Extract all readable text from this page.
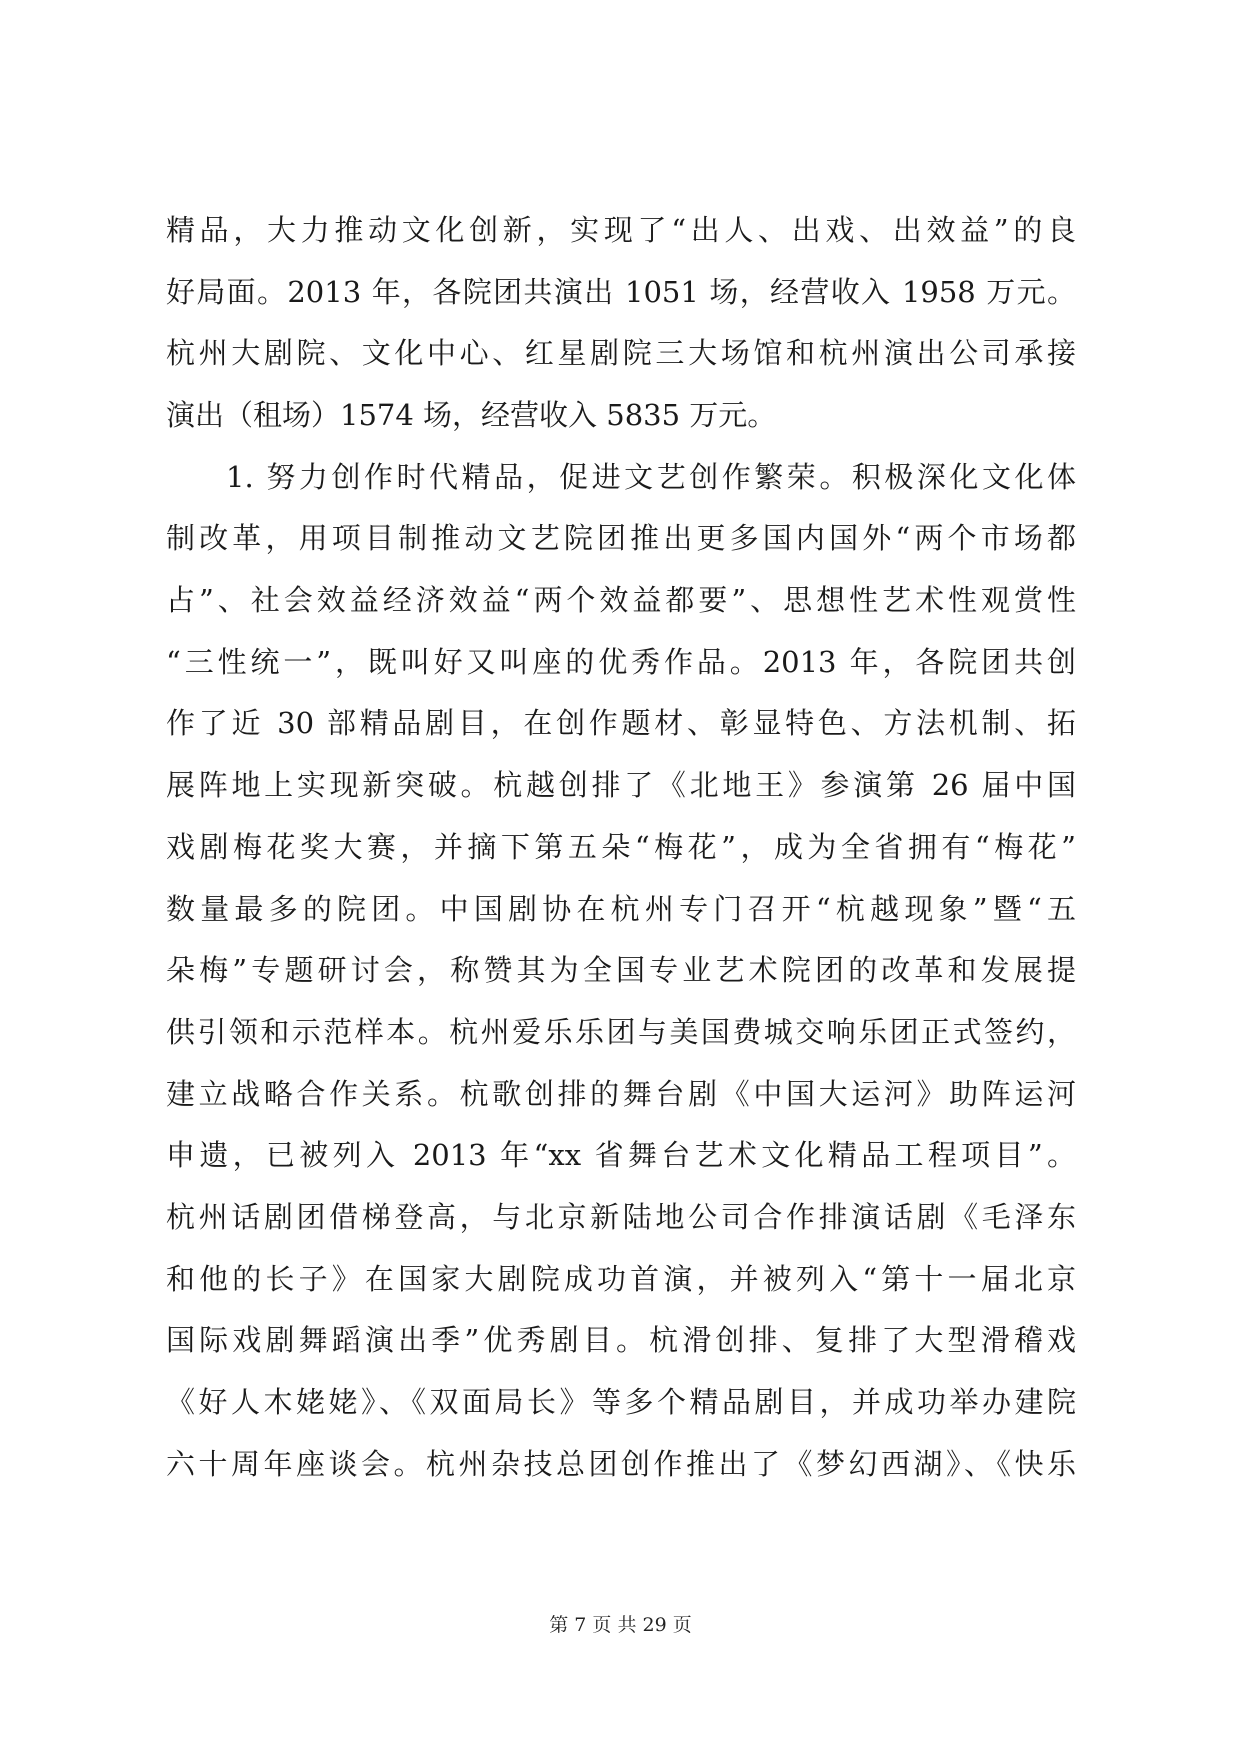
精品，大力推动文化创新，实现了“出人、出戏、出效益”的良
好局面。2013 年，各院团共演出 1051 场，经营收入 1958 万元。
杭州大剧院、文化中心、红星剧院三大场馆和杭州演出公司承接
演出（租场）1574 场，经营收入 5835 万元。
1. 努力创作时代精品，促进文艺创作繁荣。积极深化文化体
制改革，用项目制推动文艺院团推出更多国内国外“两个市场都
占”、社会效益经济效益“两个效益都要”、思想性艺术性观赏性
“三性统一”，既叫好又叫座的优秀作品。2013 年，各院团共创
作了近 30 部精品剧目，在创作题材、彰显特色、方法机制、拓
展阵地上实现新突破。杭越创排了《北地王》参演第 26 届中国
戏剧梅花奖大赛，并摘下第五朵“梅花”，成为全省拥有“梅花”
数量最多的院团。中国剧协在杭州专门召开“杭越现象”暨“五
朵梅”专题研讨会，称赞其为全国专业艺术院团的改革和发展提
供引领和示范样本。杭州爱乐乐团与美国费城交响乐团正式签约，
建立战略合作关系。杭歌创排的舞台剧《中国大运河》助阵运河
申遗，已被列入 2013 年“xx 省舞台艺术文化精品工程项目”。
杭州话剧团借梯登高，与北京新陆地公司合作排演话剧《毛泽东
和他的长子》在国家大剧院成功首演，并被列入“第十一届北京
国际戏剧舞蹈演出季”优秀剧目。杭滑创排、复排了大型滑稽戏
《好人木姥姥》、《双面局长》等多个精品剧目，并成功举办建院
六十周年座谈会。杭州杂技总团创作推出了《梦幻西湖》、《快乐
第 7 页 共 29 页
